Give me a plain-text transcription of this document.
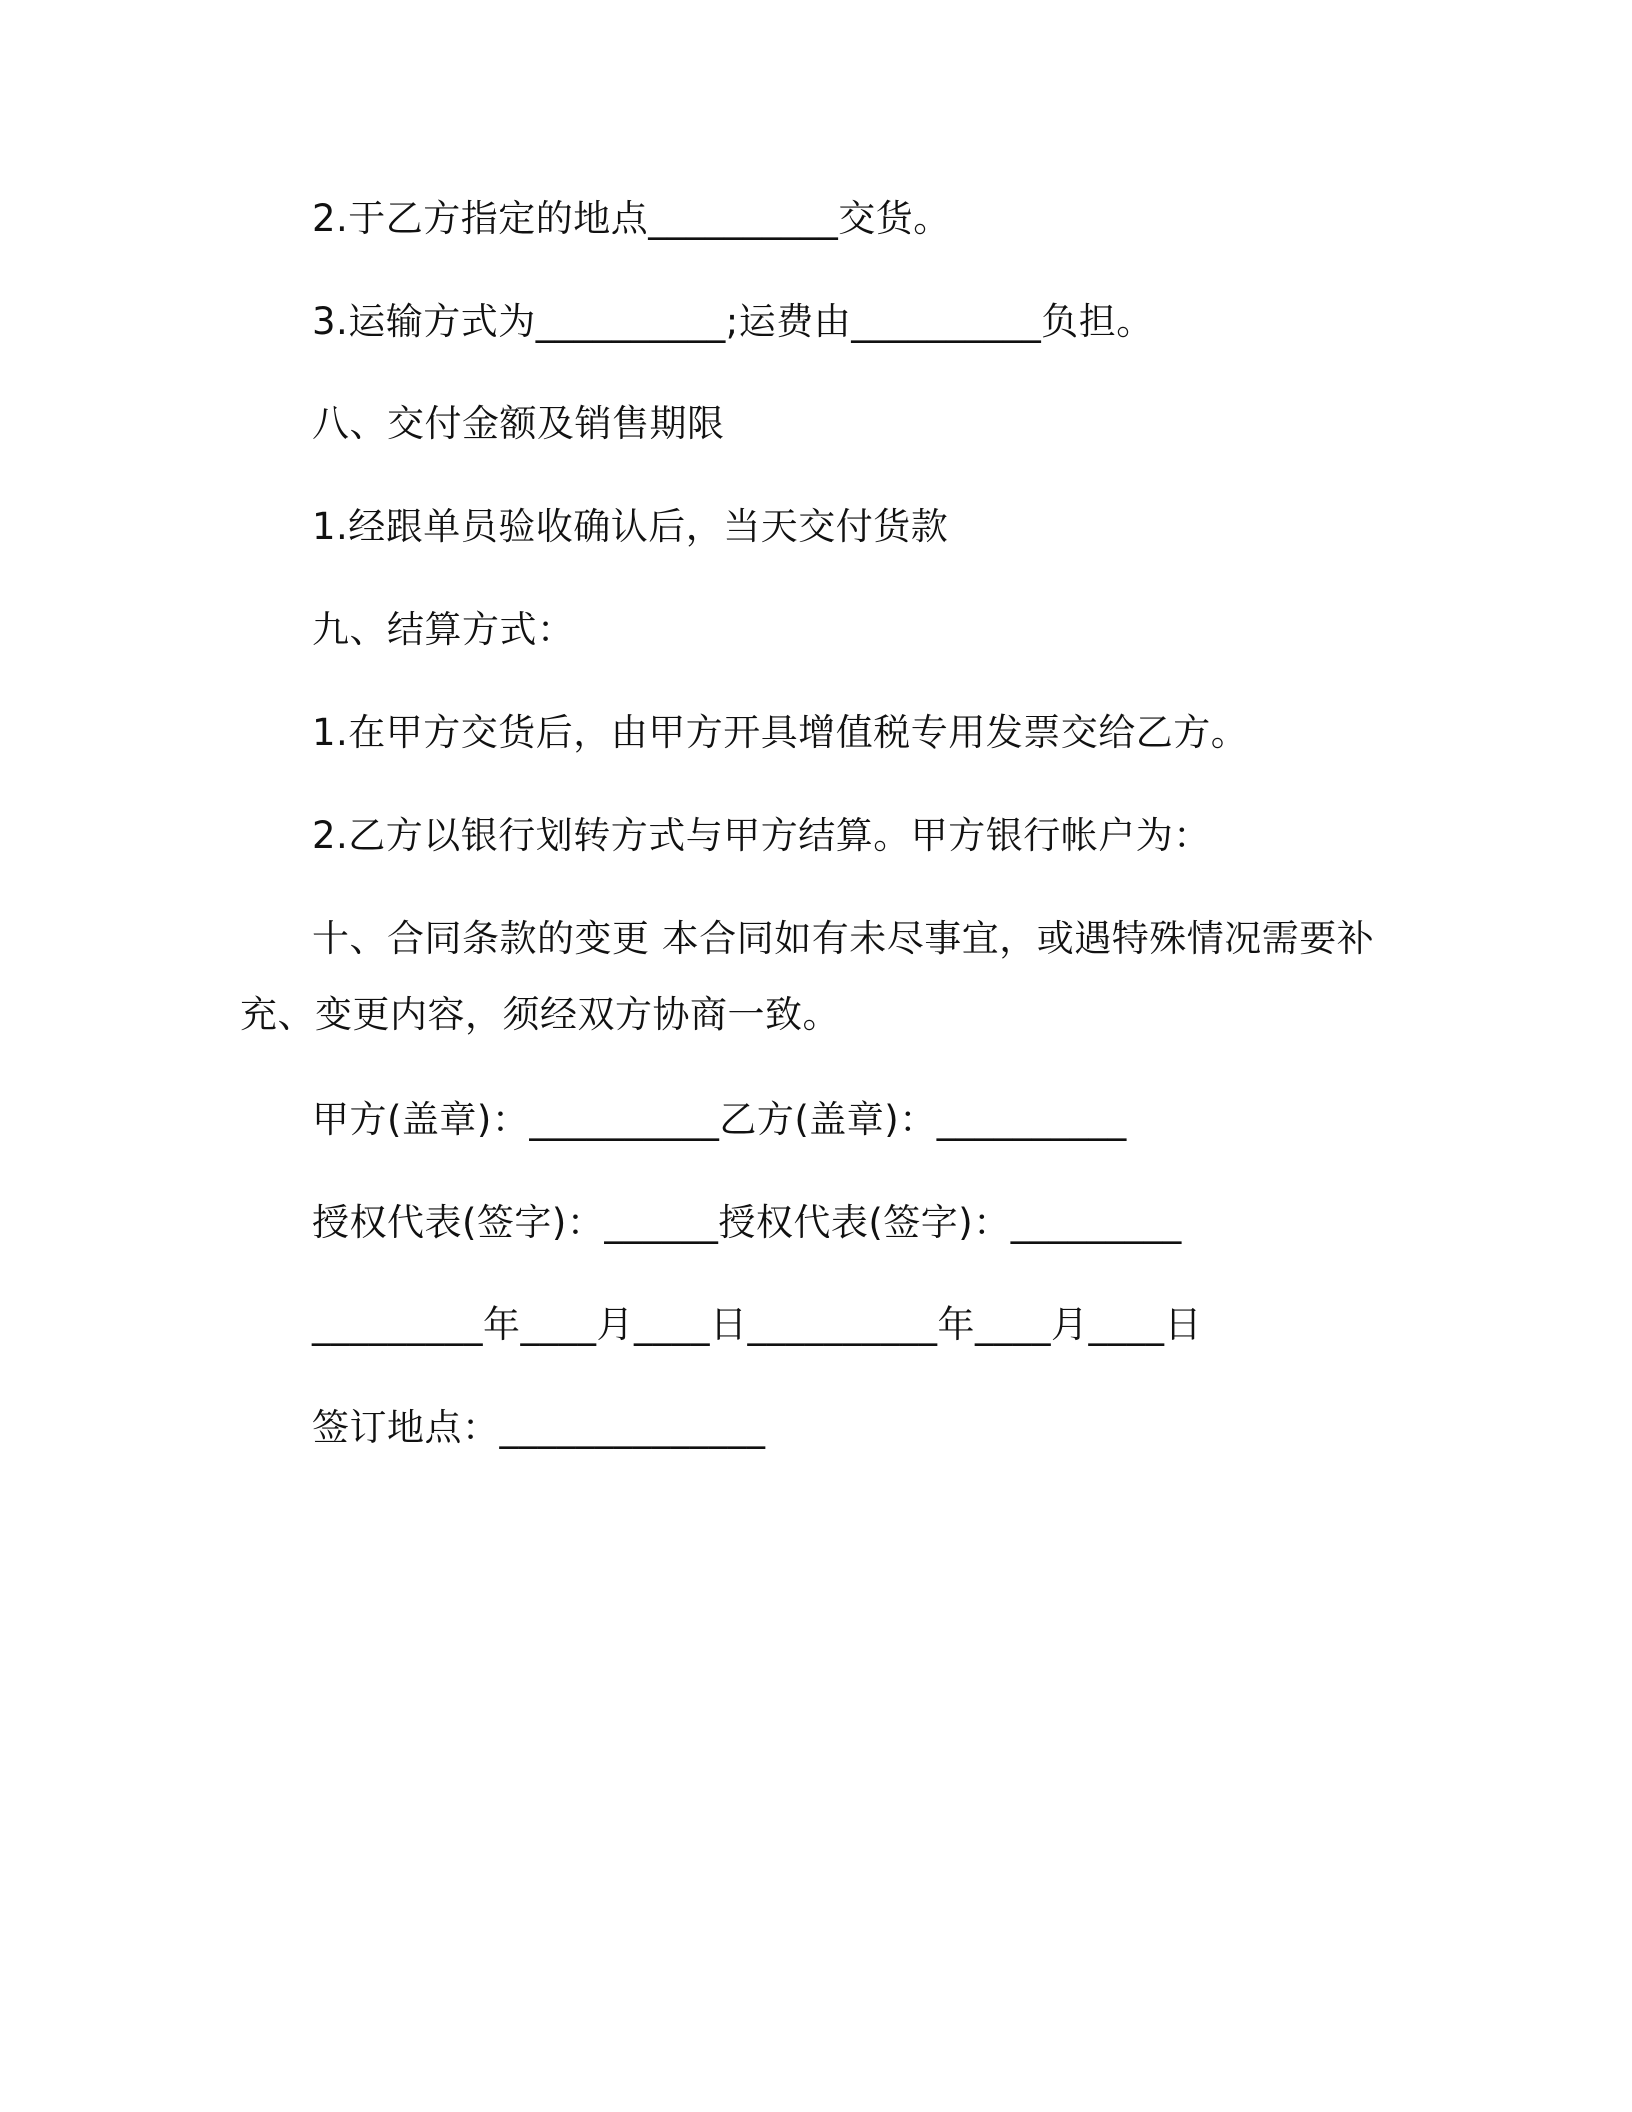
2.于乙方指定的地点__________交货。
3.运输方式为__________;运费由__________负担。
八、交付金额及销售期限
1.经跟单员验收确认后，当天交付货款
九、结算方式：
1.在甲方交货后，由甲方开具增值税专用发票交给乙方。
2.乙方以银行划转方式与甲方结算。甲方银行帐户为：
十、合同条款的变更 本合同如有未尽事宜，或遇特殊情况需要补
充、变更内容，须经双方协商一致。
甲方(盖章)：__________乙方(盖章)：__________
授权代表(签字)：______授权代表(签字)：_________
_________年____月____日__________年____月____日
签订地点：______________
